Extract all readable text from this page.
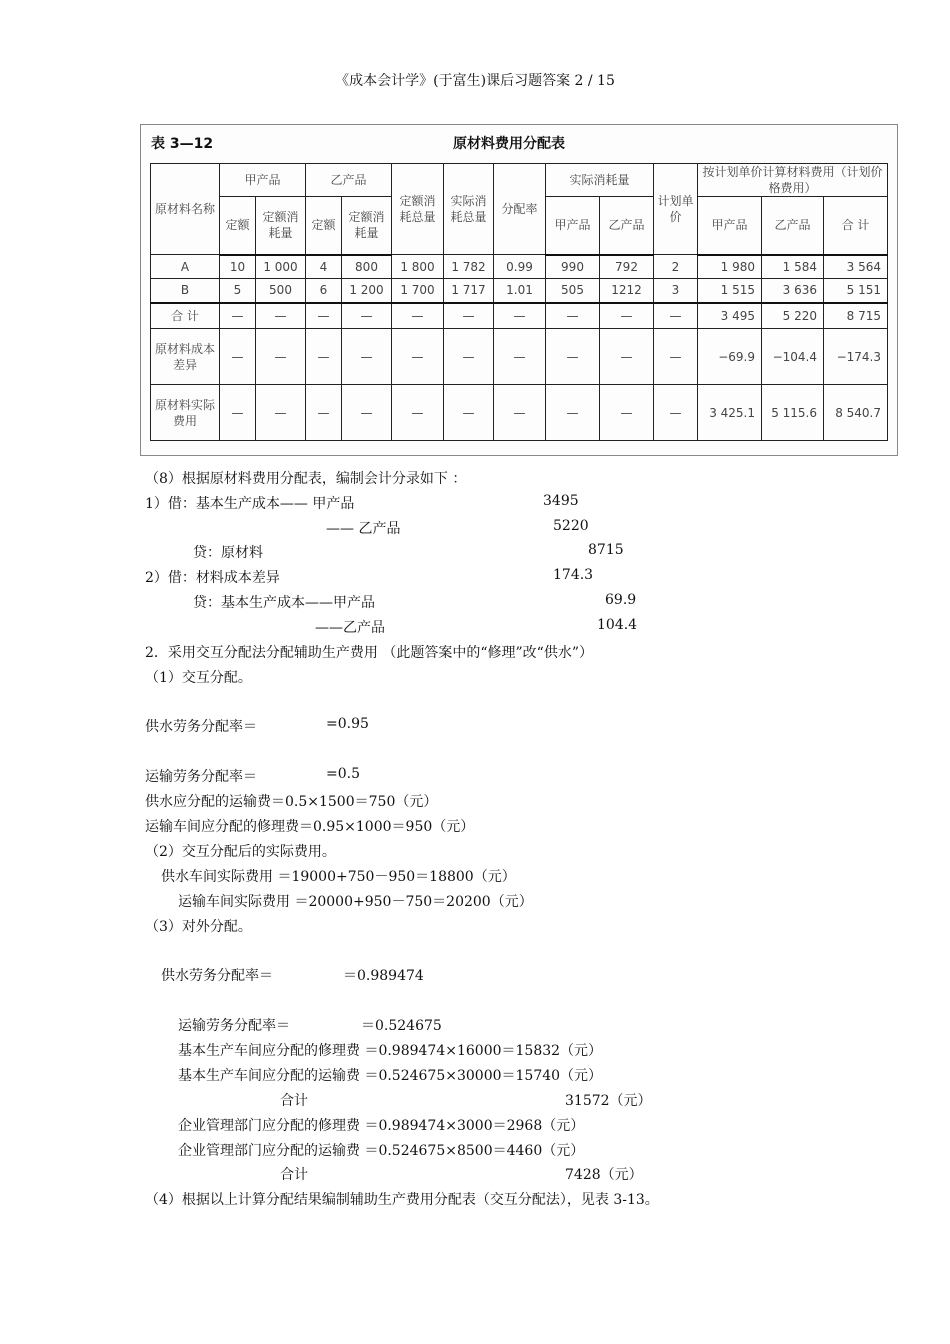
《成本会计学》(于富生)课后习题答案 2 / 15
表 3—12	原材料费用分配表
原材料名称	甲产品		乙产品		定额消耗总量	实际消耗总量	分配率	实际消耗量		计划单价	按计划单价计算材料费用（计划价格费用）		
	定额	定额消耗量	定额	定额消耗量				甲产品	乙产品		甲产品	乙产品	合 计
A	10	1 000	4	800	1 800	1 782	0.99	990	792	2	1 980	1 584	3 564
B	5	500	6	1 200	1 700	1 717	1.01	505	1212	3	1 515	3 636	5 151
合 计	—	—	—	—	—	—	—	—	—	—	3 495	5 220	8 715
原材料成本差异	—	—	—	—	—	—	—	—	—	—	−69.9	−104.4	−174.3
原材料实际费用	—	—	—	—	—	—	—	—	—	—	3 425.1	5 115.6	8 540.7
（8）根据原材料费用分配表，编制会计分录如下 ：
1）借：基本生产成本—— 甲产品	3495
—— 乙产品	5220
贷：原材料	8715
2）借：材料成本差异	174.3
贷：基本生产成本——甲产品	69.9
——乙产品	104.4
2．采用交互分配法分配辅助生产费用 （此题答案中的“修理”改“供水”）
（1）交互分配。
供水劳务分配率＝	=0.95
运输劳务分配率＝	=0.5
供水应分配的运输费＝0.5×1500＝750（元）
运输车间应分配的修理费＝0.95×1000＝950（元）
（2）交互分配后的实际费用。
供水车间实际费用 ＝19000+750－950＝18800（元）
运输车间实际费用 ＝20000+950－750＝20200（元）
（3）对外分配。
供水劳务分配率＝	＝0.989474
运输劳务分配率＝	＝0.524675
基本生产车间应分配的修理费 ＝0.989474×16000＝15832（元）
基本生产车间应分配的运输费 ＝0.524675×30000＝15740（元）
合计	31572（元）
企业管理部门应分配的修理费 ＝0.989474×3000＝2968（元）
企业管理部门应分配的运输费 ＝0.524675×8500＝4460（元）
合计	7428（元）
（4）根据以上计算分配结果编制辅助生产费用分配表（交互分配法），见表 3-13。
